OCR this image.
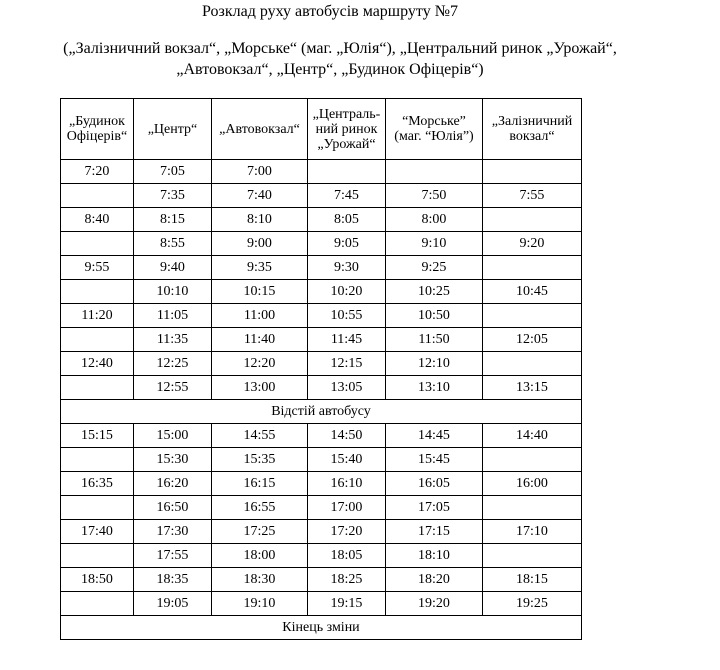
Розклад руху автобусів маршруту №7
(„Залізничний вокзал“, „Морське“ (маг. „Юлія“), „Центральний ринок „Урожай“,
„Автовокзал“, „Центр“, „Будинок Офіцерів“)
„Будинок
Офіцерів“	„Центр“	„Автовокзал“	„Централь-
ний ринок
„Урожай“	“Морське”
(маг. “Юлія”)	„Залізничний
вокзал“

7:20	7:05	7:00			
	7:35	7:40	7:45	7:50	7:55
8:40	8:15	8:10	8:05	8:00	
	8:55	9:00	9:05	9:10	9:20
9:55	9:40	9:35	9:30	9:25	
	10:10	10:15	10:20	10:25	10:45
11:20	11:05	11:00	10:55	10:50	
	11:35	11:40	11:45	11:50	12:05
12:40	12:25	12:20	12:15	12:10	
	12:55	13:00	13:05	13:10	13:15
Відстій автобусу					
15:15	15:00	14:55	14:50	14:45	14:40
	15:30	15:35	15:40	15:45	
16:35	16:20	16:15	16:10	16:05	16:00
	16:50	16:55	17:00	17:05	
17:40	17:30	17:25	17:20	17:15	17:10
	17:55	18:00	18:05	18:10	
18:50	18:35	18:30	18:25	18:20	18:15
	19:05	19:10	19:15	19:20	19:25
Кінець зміни					
